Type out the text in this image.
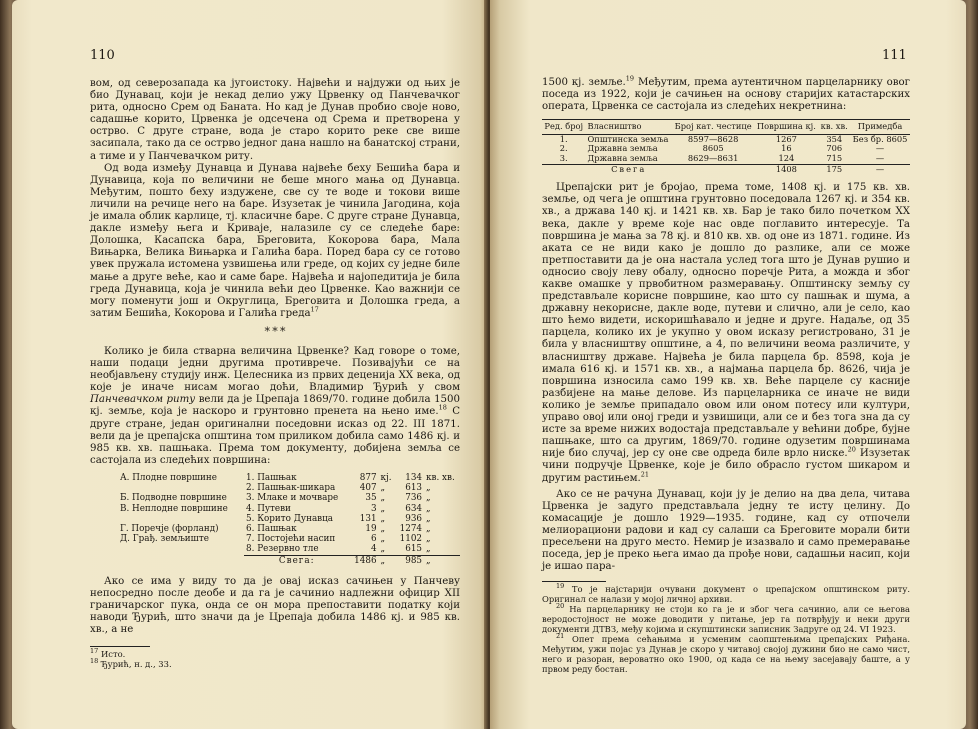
110

вом, од северозапада ка југоистоку. Највећи и најдужи од њих је био Дунавац, који је некад делио ужу Црвенку од Панчевачког рита, односно Срем од Баната. Но кад је Дунав пробио своје ново, садашње корито, Црвенка је одсечена од Срема и претворена у острво. С друге стране, вода је старо корито реке све више засипала, тако да се острво једног дана нашло на банатској страни, а тиме и у Панчевачком риту.

Од вода између Дунавца и Дунава највеће беху Бешића бара и Дунавица, која по величини не беше много мања од Дунавца. Међутим, пошто беху издужене, све су те воде и токови више личили на речице него на баре. Изузетак је чинила Јагодина, која је имала облик карлице, тј. класичне баре. С друге стране Дунавца, дакле између њега и Криваје, налазиле су се следеће баре: Долошка, Касапска бара, Бреговита, Кокорова бара, Мала Вињарка, Велика Вињарка и Галића бара. Поред бара су се готово увек пружала истомена узвишења или греде, од којих су једне биле мање а друге веће, као и саме баре. Највећа и најопедитија је била греда Дунавица, која је чинила већи део Црвенке. Као важнији се могу поменути још и Округлица, Бреговита и Долошка греда, а затим Бешића, Кокорова и Галића греда$^{17}$

* * *

Колико је била стварна величина Црвенке? Кад говоре о томе, наши подаци једни другима противрече. Позивајући се на необјављену студију инж. Целесника из првих деценија XX века, од које је иначе нисам могао доћи, Владимир Ђурић у свом Панчевачком риту вели да је Црепаја 1869/70. године добила 1500 кј. земље, која је наскоро и грунтовно пренета на њено име.$^{18}$ С друге стране, један оригинални поседовни исказ од 22. III 1871. вели да је црепајска општина том приликом добила само 1486 кј. и 985 кв. хв. пашњака. Према том документу, добијена земља се састојала из следећих површина:

А. Плодне површине	1. Пашњак	877	кј.	134	кв. хв.
	2. Пашњак-шикара	407	„	613	„
Б. Подводне површине	3. Млаке и мочваре	35	„	736	„
В. Неплодне површине	4. Путеви	3	„	634	„
	5. Корито Дунавца	131	„	936	„
Г. Поречје (форланд)	6. Пашњак	19	„	1274	„
Д. Грађ. земљиште	7. Постојећи насип	6	„	1102	„
	8. Резервно тле	4	„	615	„
	Свега:	1486	„	985	„

Ако се има у виду то да је овај исказ сачињен у Панчеву непосредно после деобе и да га је сачинио надлежни официр XII граничарског пука, онда се он мора препоставити податку који наводи Ђурић, што значи да је Црепаја добила 1486 кј. и 985 кв. хв., а не

$^{17}$ Исто.
$^{18}$ Ђурић, н. д., 33.
111

1500 кј. земље.$^{19}$ Међутим, према аутентичном парцеларнику овог поседа из 1922, који је сачињен на основу старијих катастарских операта, Црвенка се састојала из следећих некретнина:

Ред. број	Власништво	Број кат. честице	Површина кј.	кв. хв.	Примедба
1.	Општинска земља	8597—8628	1267	354	Без бр. 8605
2.	Државна земља	8605	16	706	—
3.	Државна земља	8629—8631	124	715	—
	Свега		1408	175	—

Црепајски рит је бројао, према томе, 1408 кј. и 175 кв. хв. земље, од чега је општина грунтовно поседовала 1267 кј. и 354 кв. хв., а држава 140 кј. и 1421 кв. хв. Бар је тако било почетком XX века, дакле у време које нас овде поглавито интересује. Та површина је мања за 78 кј. и 810 кв. хв. од оне из 1871. године. Из аката се не види како је дошло до разлике, али се може претпоставити да је она настала услед тога што је Дунав рушио и односио своју леву обалу, односно поречје Рита, а можда и због какве омашке у првобитном размеравању. Општинску земљу су представљале корисне површине, као што су пашњак и шума, а државну некорисне, дакле воде, путеви и слично, али је село, као што ћемо видети, искоришћавало и једне и друге. Надаље, од 35 парцела, колико их је укупно у овом исказу регистровано, 31 је била у власништву општине, а 4, по величини веома различите, у власништву државе. Највећа је била парцела бр. 8598, која је имала 616 кј. и 1571 кв. хв., а најмања парцела бр. 8626, чија је површина износила само 199 кв. хв. Веће парцеле су касније разбијене на мање делове. Из парцеларника се иначе не види колико је земље припадало овом или оном потесу или култури, управо овој или оној греди и узвишици, али се и без тога зна да су исте за време нижих водостаја представљале у већини добре, бујне пашњаке, што са другим, 1869/70. године одузетим површинама није био случај, јер су оне све одреда биле врло ниске.$^{20}$ Изузетак чини подручје Црвенке, које је било обрасло густом шикаром и другим растињем.$^{21}$

Ако се не рачуна Дунавац, који ју је делио на два дела, читава Црвенка је задуго представљала једну те исту целину. До комасације је дошло 1929—1935. године, кад су отпочели мелиорациони радови и кад су салаши са Бреговите морали бити пресељени на друго место. Немир је изазвало и само премеравање поседа, јер је преко њега имао да прође нови, садашњи насип, који је ишао пара-

$^{19}$ То је најстарији очувани документ о црепајском општинском риту. Оригинал се налази у мојој личној архиви.

$^{20}$ На парцеларнику не стоји ко га је и због чега сачинио, али се његова веродостојност не може доводити у питање, јер га потврђују и неки други документи ДТВЗ, међу којима и скупштински записник Задруге од 24. VI 1923.

$^{21}$ Опет према сећањима и усменим саопштењима црепајских Риђана. Међутим, ужи појас уз Дунав је скоро у читавој својој дужини био не само чист, него и разоран, вероватно око 1900, од када се на њему засејавају баште, а у првом реду бостан.
